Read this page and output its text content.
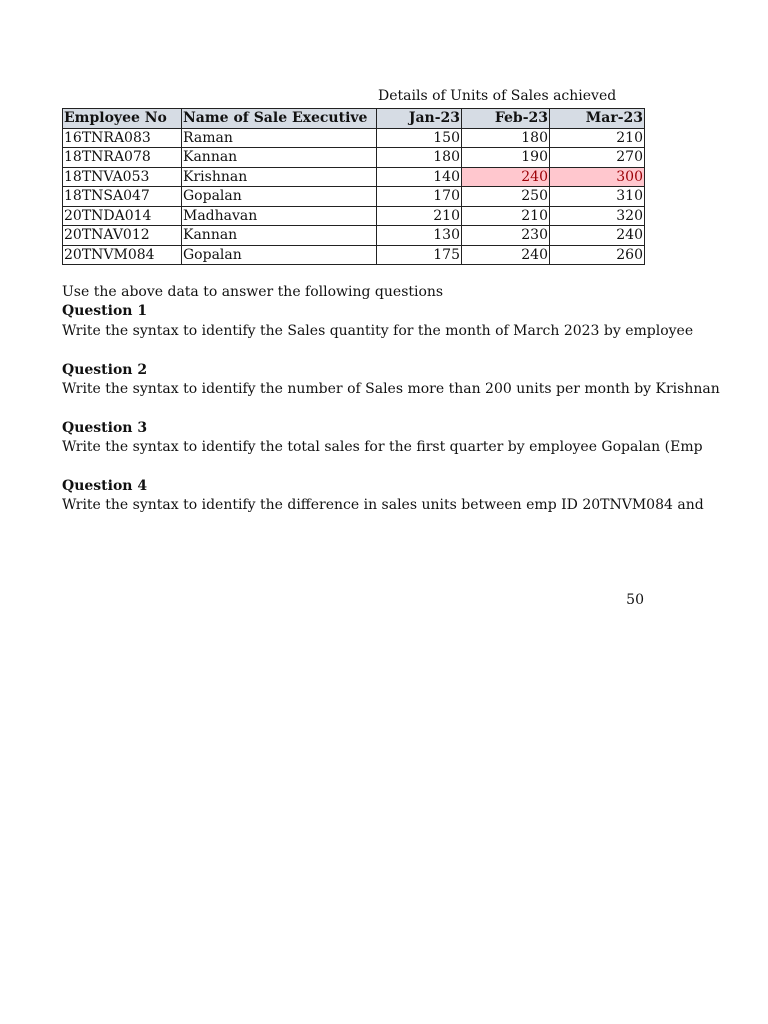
Details of Units of Sales achieved
Employee No	Name of Sale Executive	Jan-23	Feb-23	Mar-23
16TNRA083	Raman	150	180	210
18TNRA078	Kannan	180	190	270
18TNVA053	Krishnan	140	240	300
18TNSA047	Gopalan	170	250	310
20TNDA014	Madhavan	210	210	320
20TNAV012	Kannan	130	230	240
20TNVM084	Gopalan	175	240	260
Use the above data to answer the following questions
Question 1
Write the syntax to identify the Sales quantity for the month of March 2023 by employee
Question 2
Write the syntax to identify the number of Sales more than 200 units per month by Krishnan
Question 3
Write the syntax to identify the total sales for the first quarter by employee Gopalan (Emp
Question 4
Write the syntax to identify the difference in sales units between emp ID 20TNVM084 and
50
